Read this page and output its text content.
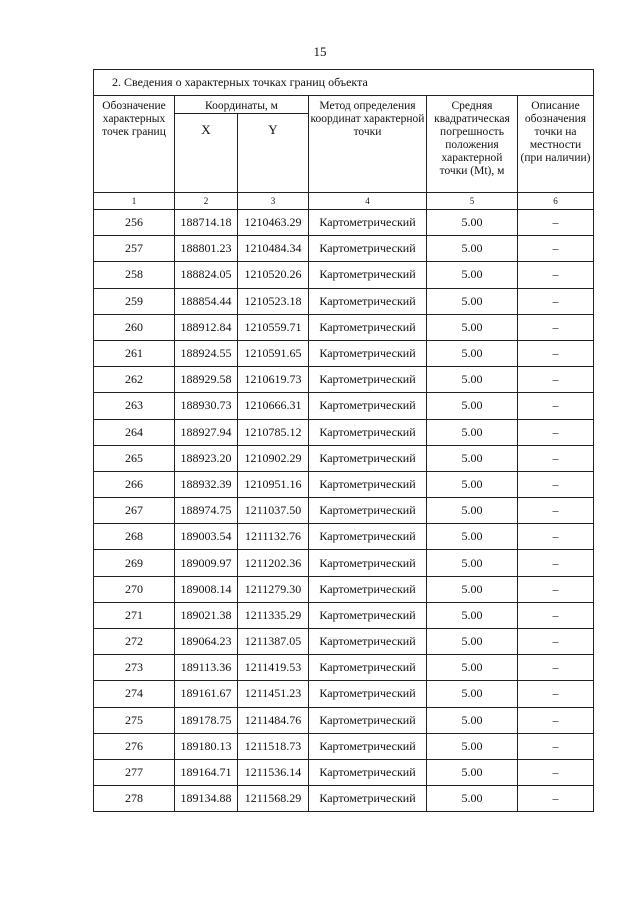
15
2. Сведения о характерных точках границ объекта					
Обозначение характерных точек границ	Координаты, м		Метод определения координат характерной точки	Средняя квадратическая погрешность положения характерной точки (Mt), м	Описание обозначения точки на местности (при наличии)
	X	Y			
1	2	3	4	5	6
256	188714.18	1210463.29	Картометрический	5.00	–
257	188801.23	1210484.34	Картометрический	5.00	–
258	188824.05	1210520.26	Картометрический	5.00	–
259	188854.44	1210523.18	Картометрический	5.00	–
260	188912.84	1210559.71	Картометрический	5.00	–
261	188924.55	1210591.65	Картометрический	5.00	–
262	188929.58	1210619.73	Картометрический	5.00	–
263	188930.73	1210666.31	Картометрический	5.00	–
264	188927.94	1210785.12	Картометрический	5.00	–
265	188923.20	1210902.29	Картометрический	5.00	–
266	188932.39	1210951.16	Картометрический	5.00	–
267	188974.75	1211037.50	Картометрический	5.00	–
268	189003.54	1211132.76	Картометрический	5.00	–
269	189009.97	1211202.36	Картометрический	5.00	–
270	189008.14	1211279.30	Картометрический	5.00	–
271	189021.38	1211335.29	Картометрический	5.00	–
272	189064.23	1211387.05	Картометрический	5.00	–
273	189113.36	1211419.53	Картометрический	5.00	–
274	189161.67	1211451.23	Картометрический	5.00	–
275	189178.75	1211484.76	Картометрический	5.00	–
276	189180.13	1211518.73	Картометрический	5.00	–
277	189164.71	1211536.14	Картометрический	5.00	–
278	189134.88	1211568.29	Картометрический	5.00	–
